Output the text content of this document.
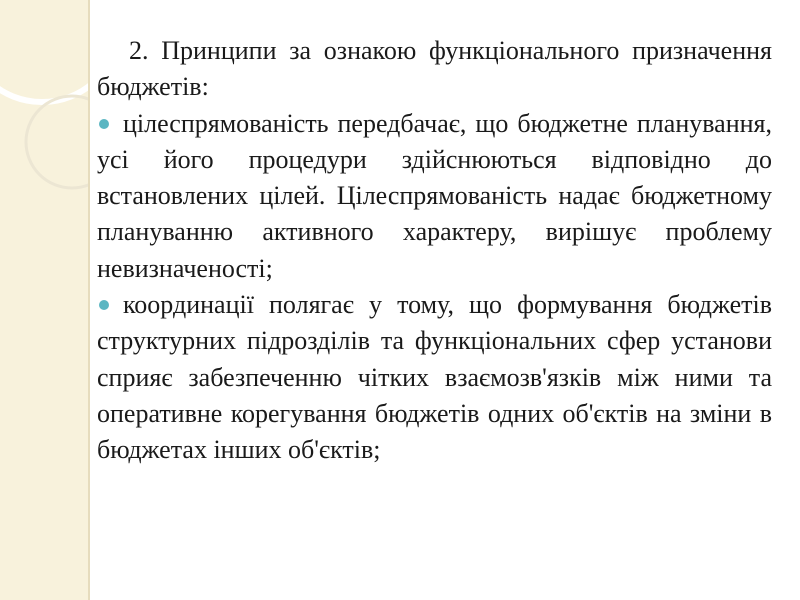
2. Принципи за ознакою функціонального призначення бюджетів:

цілеспрямованість передбачає, що бюджетне планування, усі його процедури здійснюються відповідно до встановлених цілей. Цілеспрямованість надає бюджетному плануванню активного характеру, вирішує проблему невизначеності;

координації полягає у тому, що формування бюджетів структурних підрозділів та функціональних сфер установи сприяє забезпеченню чітких взаємозв'язків між ними та оперативне корегування бюджетів одних об'єктів на зміни в бюджетах інших об'єктів;
